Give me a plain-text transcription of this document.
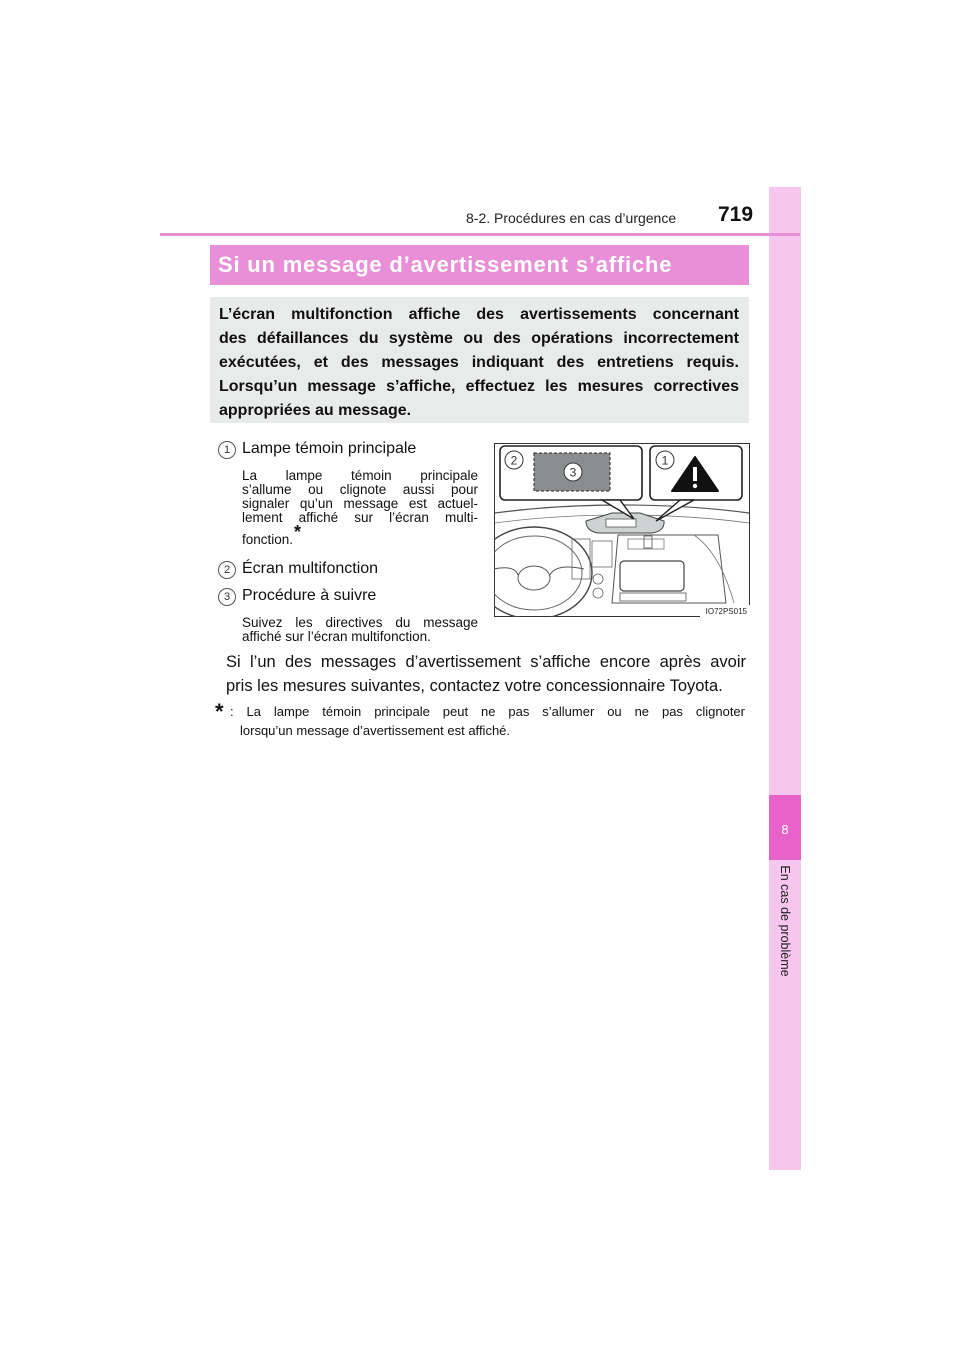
8
En cas de problème
8-2. Procédures en cas d’urgence 719
Si un message d’avertissement s’affiche
L’écran multifonction affiche des avertissements concernant
des défaillances du système ou des opérations incorrectement
exécutées, et des messages indiquant des entretiens requis.
Lorsqu’un message s’affiche, effectuez les mesures correctives
appropriées au message.
1 Lampe témoin principale
La lampe témoin principale
s’allume ou clignote aussi pour
signaler qu’un message est actuel-
lement affiché sur l’écran multi-
fonction.*
2 Écran multifonction
3 Procédure à suivre
Suivez les directives du message
affiché sur l’écran multifonction.
2
3
1
IO72PS015
Si l’un des messages d’avertissement s’affiche encore après avoir
pris les mesures suivantes, contactez votre concessionnaire Toyota.
* : La lampe témoin principale peut ne pas s’allumer ou ne pas clignoter
lorsqu’un message d’avertissement est affiché.
